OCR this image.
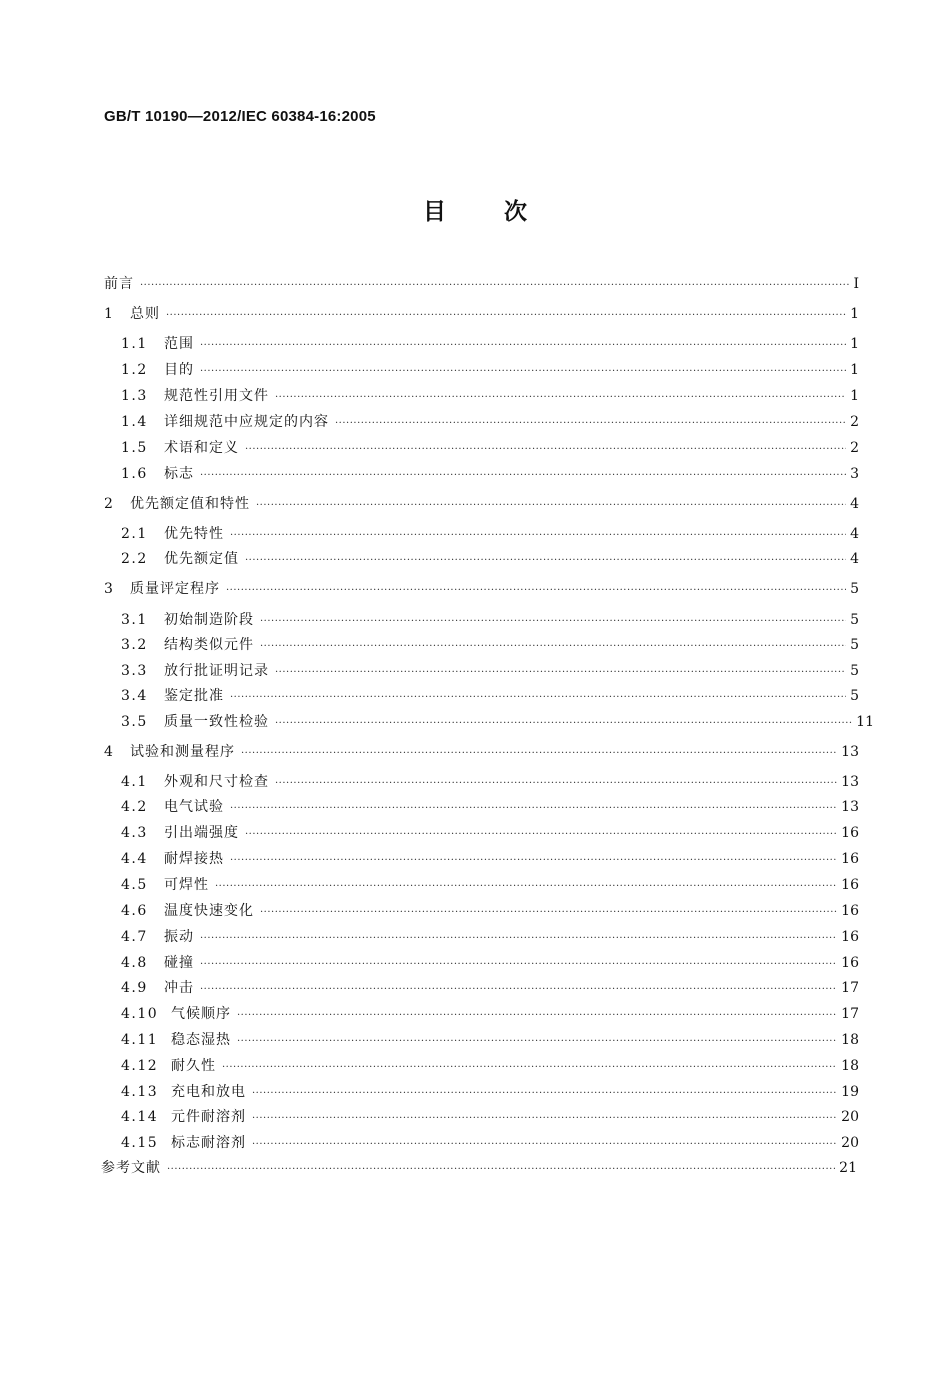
GB/T 10190—2012/IEC 60384-16:2005
目	次
前言 ·····	Ⅰ
1	总则 ·····	1
1.1	范围 ·····	1
1.2	目的 ·····	1
1.3	规范性引用文件 ·····	1
1.4	详细规范中应规定的内容 ·····	2
1.5	术语和定义 ·····	2
1.6	标志 ·····	3
2	优先额定值和特性 ·····	4
2.1	优先特性 ·····	4
2.2	优先额定值 ·····	4
3	质量评定程序 ·····	5
3.1	初始制造阶段 ·····	5
3.2	结构类似元件 ·····	5
3.3	放行批证明记录 ·····	5
3.4	鉴定批准 ·····	5
3.5	质量一致性检验 ·····	11
4	试验和测量程序 ·····	13
4.1	外观和尺寸检查 ·····	13
4.2	电气试验 ·····	13
4.3	引出端强度 ·····	16
4.4	耐焊接热 ·····	16
4.5	可焊性 ·····	16
4.6	温度快速变化 ·····	16
4.7	振动 ·····	16
4.8	碰撞 ·····	16
4.9	冲击 ·····	17
4.10 气候顺序 ·····	17
4.11 稳态湿热 ·····	18
4.12 耐久性 ·····	18
4.13 充电和放电 ·····	19
4.14 元件耐溶剂 ·····	20
4.15 标志耐溶剂 ·····	20
参考文献 ·····	21
